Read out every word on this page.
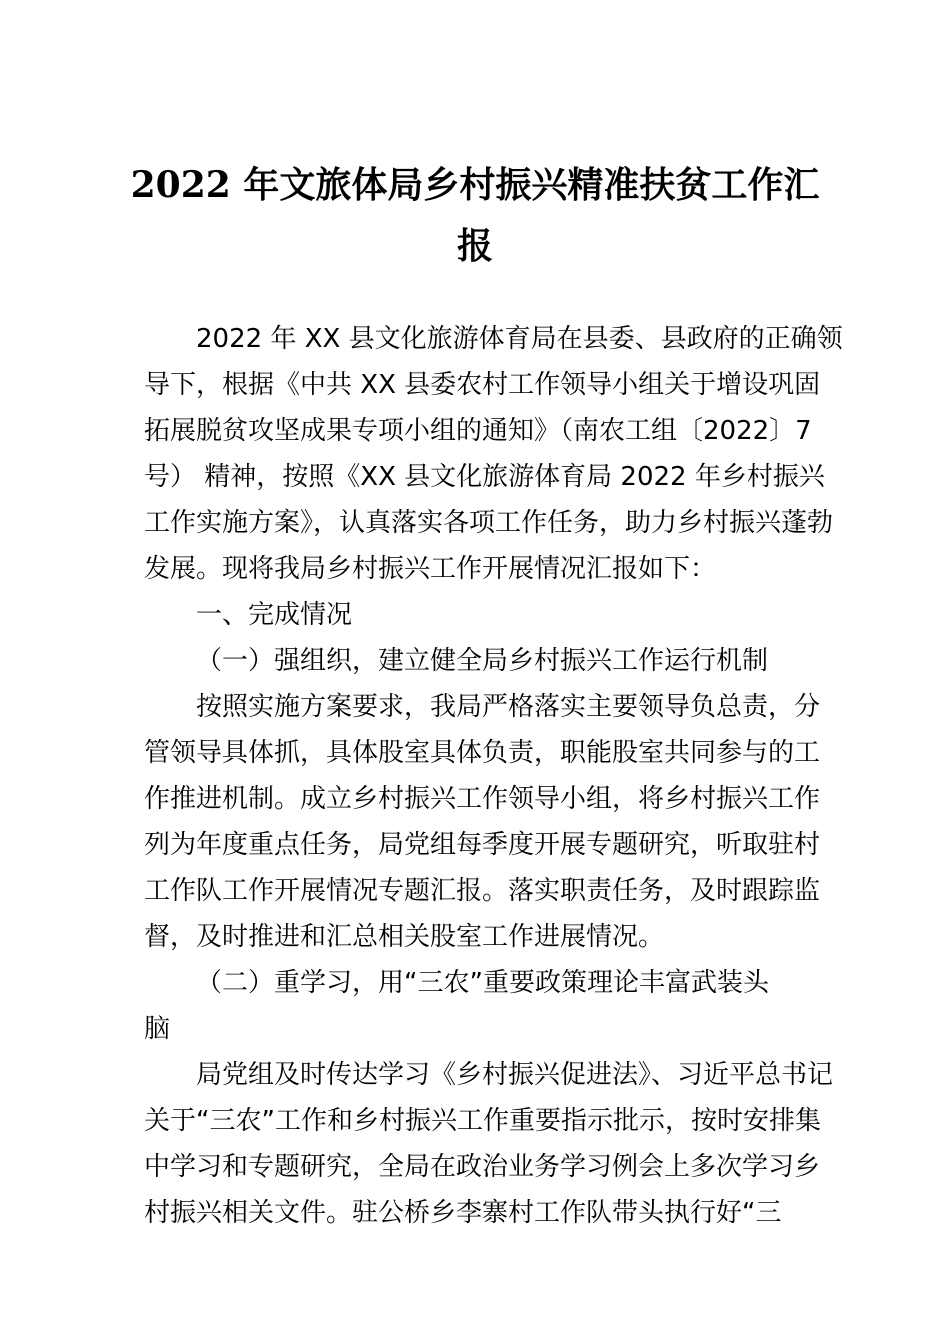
2022 年文旅体局乡村振兴精准扶贫工作汇
报

2022 年 XX 县文化旅游体育局在县委、县政府的正确领

导下，根据《中共 XX 县委农村工作领导小组关于增设巩固

拓展脱贫攻坚成果专项小组的通知》（南农工组〔2022〕7

号） 精神，按照《XX 县文化旅游体育局 2022 年乡村振兴

工作实施方案》，认真落实各项工作任务，助力乡村振兴蓬勃

发展。现将我局乡村振兴工作开展情况汇报如下：

一、完成情况

（一）强组织，建立健全局乡村振兴工作运行机制

按照实施方案要求，我局严格落实主要领导负总责，分

管领导具体抓，具体股室具体负责，职能股室共同参与的工

作推进机制。成立乡村振兴工作领导小组，将乡村振兴工作

列为年度重点任务，局党组每季度开展专题研究，听取驻村

工作队工作开展情况专题汇报。落实职责任务，及时跟踪监

督，及时推进和汇总相关股室工作进展情况。

（二）重学习，用“三农”重要政策理论丰富武装头

脑

局党组及时传达学习《乡村振兴促进法》、习近平总书记

关于“三农”工作和乡村振兴工作重要指示批示，按时安排集

中学习和专题研究，全局在政治业务学习例会上多次学习乡

村振兴相关文件。驻公桥乡李寨村工作队带头执行好“三
